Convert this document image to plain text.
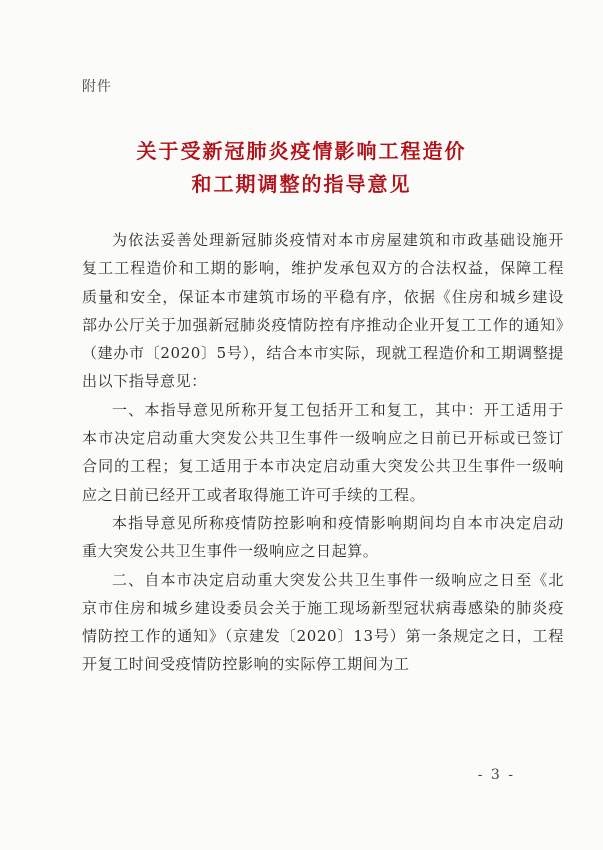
附件
关于受新冠肺炎疫情影响工程造价
和工期调整的指导意见

为依法妥善处理新冠肺炎疫情对本市房屋建筑和市政基础设施开复工工程造价和工期的影响，维护发承包双方的合法权益，保障工程质量和安全，保证本市建筑市场的平稳有序，依据《住房和城乡建设部办公厅关于加强新冠肺炎疫情防控有序推动企业开复工工作的通知》（建办市〔2020〕5号），结合本市实际，现就工程造价和工期调整提出以下指导意见：

一、本指导意见所称开复工包括开工和复工，其中：开工适用于本市决定启动重大突发公共卫生事件一级响应之日前已开标或已签订合同的工程；复工适用于本市决定启动重大突发公共卫生事件一级响应之日前已经开工或者取得施工许可手续的工程。

本指导意见所称疫情防控影响和疫情影响期间均自本市决定启动重大突发公共卫生事件一级响应之日起算。

二、自本市决定启动重大突发公共卫生事件一级响应之日至《北京市住房和城乡建设委员会关于施工现场新型冠状病毒感染的肺炎疫情防控工作的通知》（京建发〔2020〕13号）第一条规定之日，工程开复工时间受疫情防控影响的实际停工期间为工

- 3 -
